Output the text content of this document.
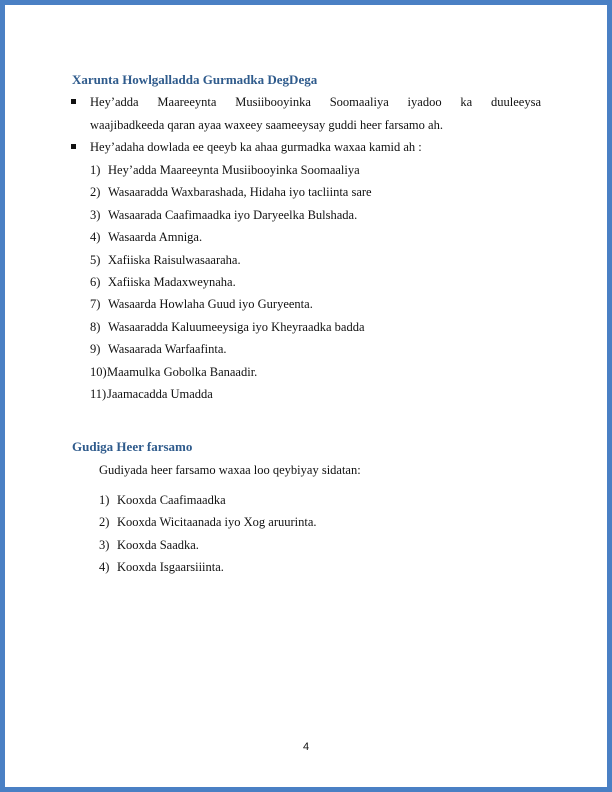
Xarunta Howlgalladda Gurmadka DegDega
Hey’adda Maareeynta Musiibooyinka Soomaaliya iyadoo ka duuleeysa
waajibadkeeda qaran ayaa waxeey saameeysay guddi heer farsamo ah.
Hey’adaha dowlada ee qeeyb ka ahaa gurmadka waxaa kamid ah :
1) Hey’adda Maareeynta Musiibooyinka Soomaaliya
2) Wasaaradda Waxbarashada, Hidaha iyo tacliinta sare
3) Wasaarada Caafimaadka iyo Daryeelka Bulshada.
4) Wasaarda Amniga.
5) Xafiiska Raisulwasaaraha.
6) Xafiiska Madaxweynaha.
7) Wasaarda Howlaha Guud iyo Guryeenta.
8) Wasaaradda Kaluumeeysiga iyo Kheyraadka badda
9) Wasaarada Warfaafinta.
10) Maamulka Gobolka Banaadir.
11) Jaamacadda Umadda
Gudiga Heer farsamo
Gudiyada heer farsamo waxaa loo qeybiyay sidatan:
1) Kooxda Caafimaadka
2) Kooxda Wicitaanada iyo Xog aruurinta.
3) Kooxda Saadka.
4) Kooxda Isgaarsiiinta.
4
